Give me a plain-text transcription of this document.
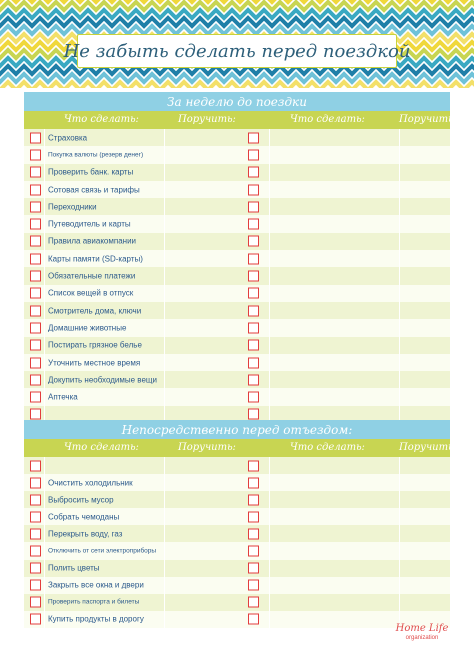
Не забыть сделать перед поездкой
За неделю до поездки
Что сделать:	Поручить:	Что сделать:	Поручить:
Страховка
Покупка валюты (резерв денег)
Проверить банк. карты
Сотовая связь и тарифы
Переходники
Путеводитель и карты
Правила авиакомпании
Карты памяти (SD-карты)
Обязательные платежи
Список вещей в отпуск
Смотритель дома, ключи
Домашние животные
Постирать грязное белье
Уточнить местное время
Докупить необходимые вещи
Аптечка
Непосредственно перед отъездом:
Что сделать:	Поручить:	Что сделать:	Поручить:
Очистить холодильник
Выбросить мусор
Собрать чемоданы
Перекрыть воду, газ
Отключить от сети электроприборы
Полить цветы
Закрыть все окна и двери
Проверить паспорта и билеты
Купить продукты в дорогу
Home Life
organization
